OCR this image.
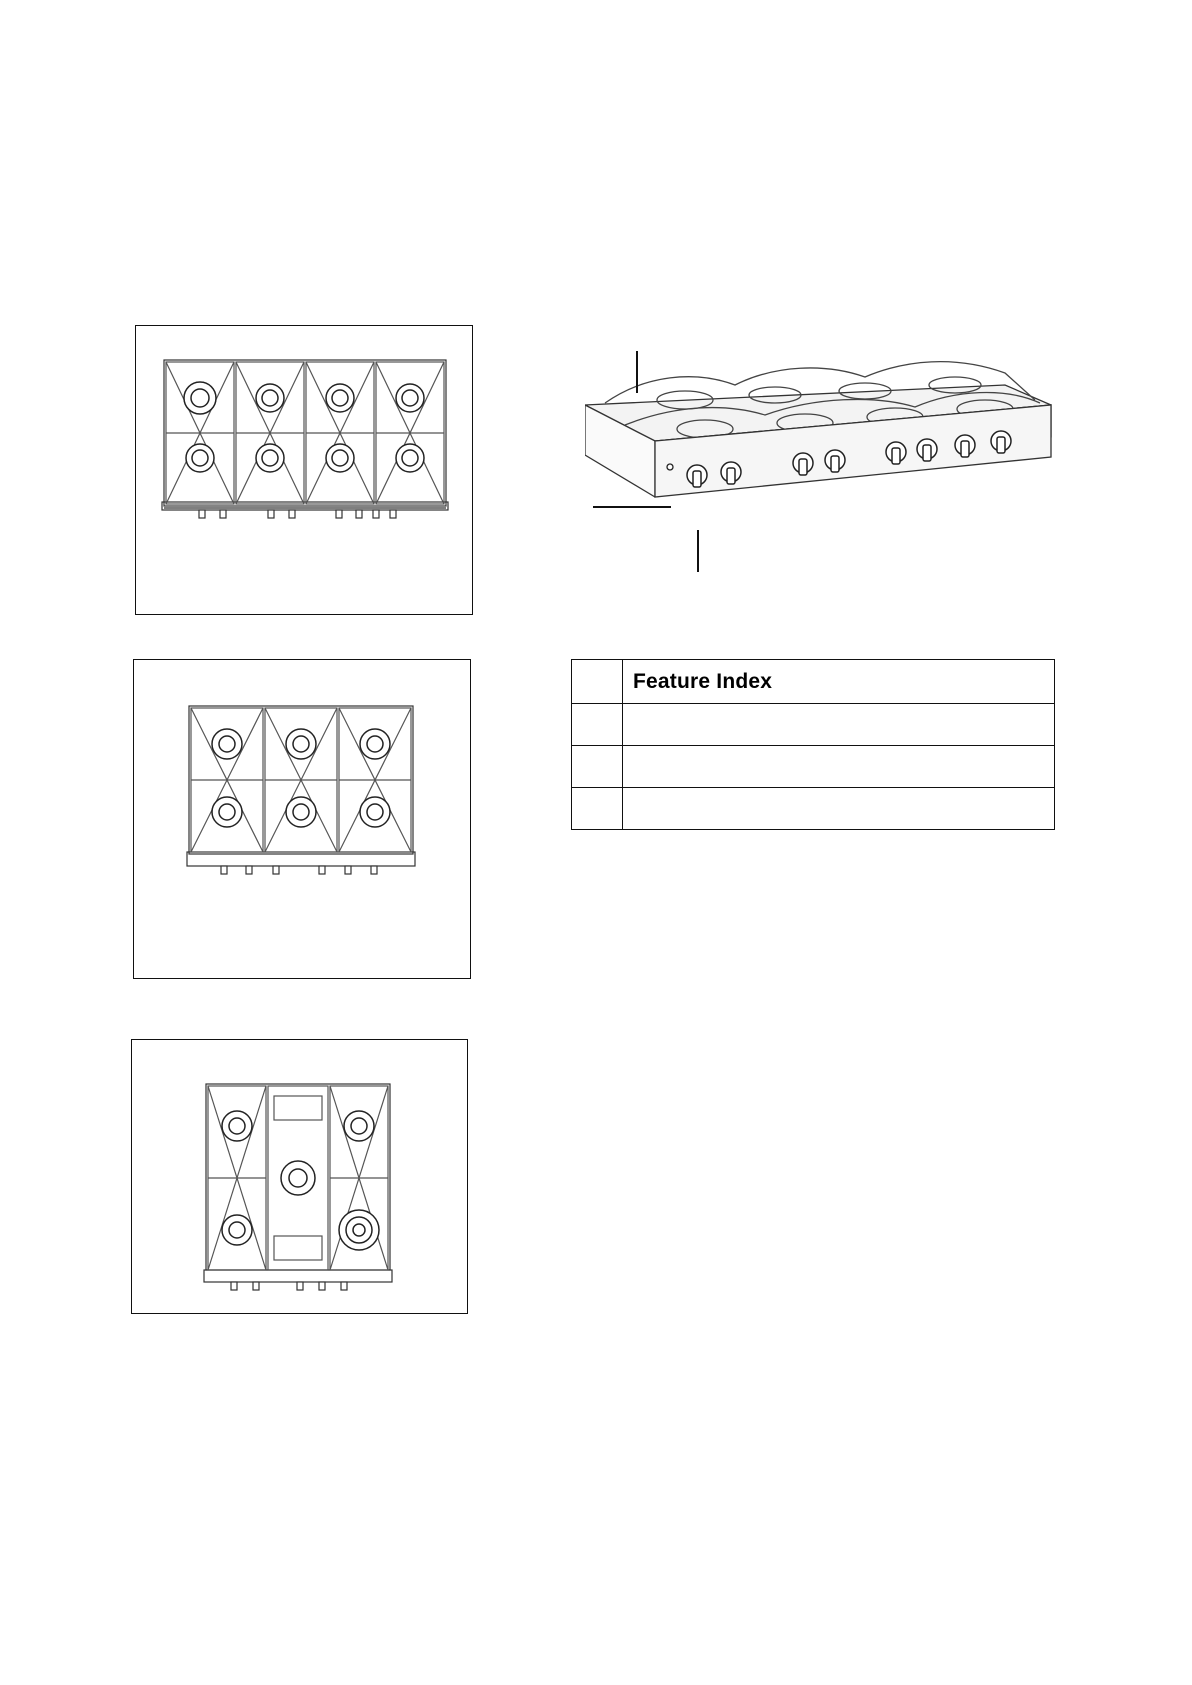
	Feature Index
